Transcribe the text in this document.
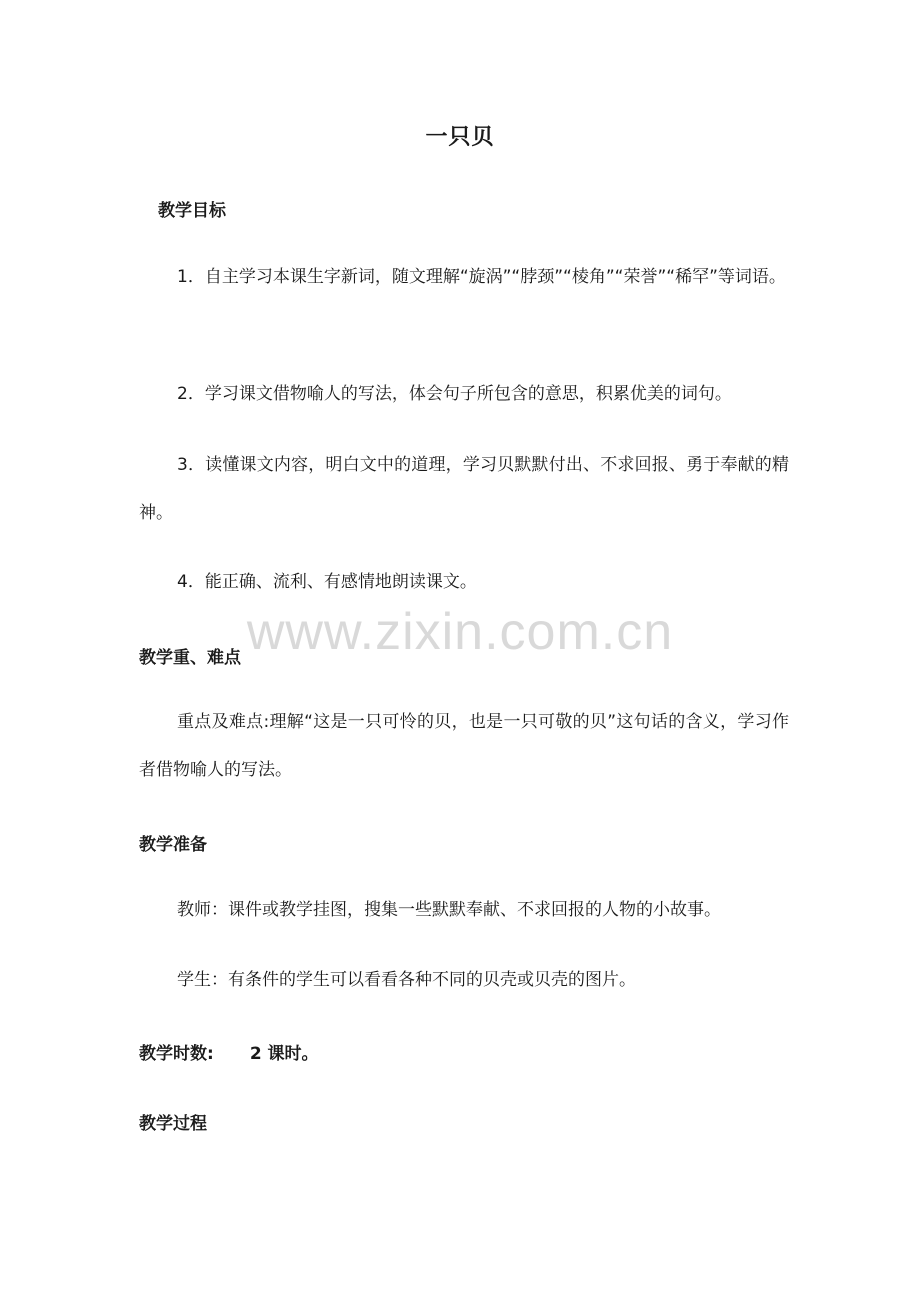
一只贝
教学目标
1．自主学习本课生字新词，随文理解“旋涡”“脖颈”“棱角”“荣誉”“稀罕”等词语。
2．学习课文借物喻人的写法，体会句子所包含的意思，积累优美的词句。
3．读懂课文内容，明白文中的道理，学习贝默默付出、不求回报、勇于奉献的精神。
4．能正确、流利、有感情地朗读课文。
www.zixin.com.cn
教学重、难点
重点及难点:理解“这是一只可怜的贝，也是一只可敬的贝”这句话的含义，学习作者借物喻人的写法。
教学准备
教师：课件或教学挂图，搜集一些默默奉献、不求回报的人物的小故事。
学生：有条件的学生可以看看各种不同的贝壳或贝壳的图片。
教学时数: 2 课时。
教学过程
